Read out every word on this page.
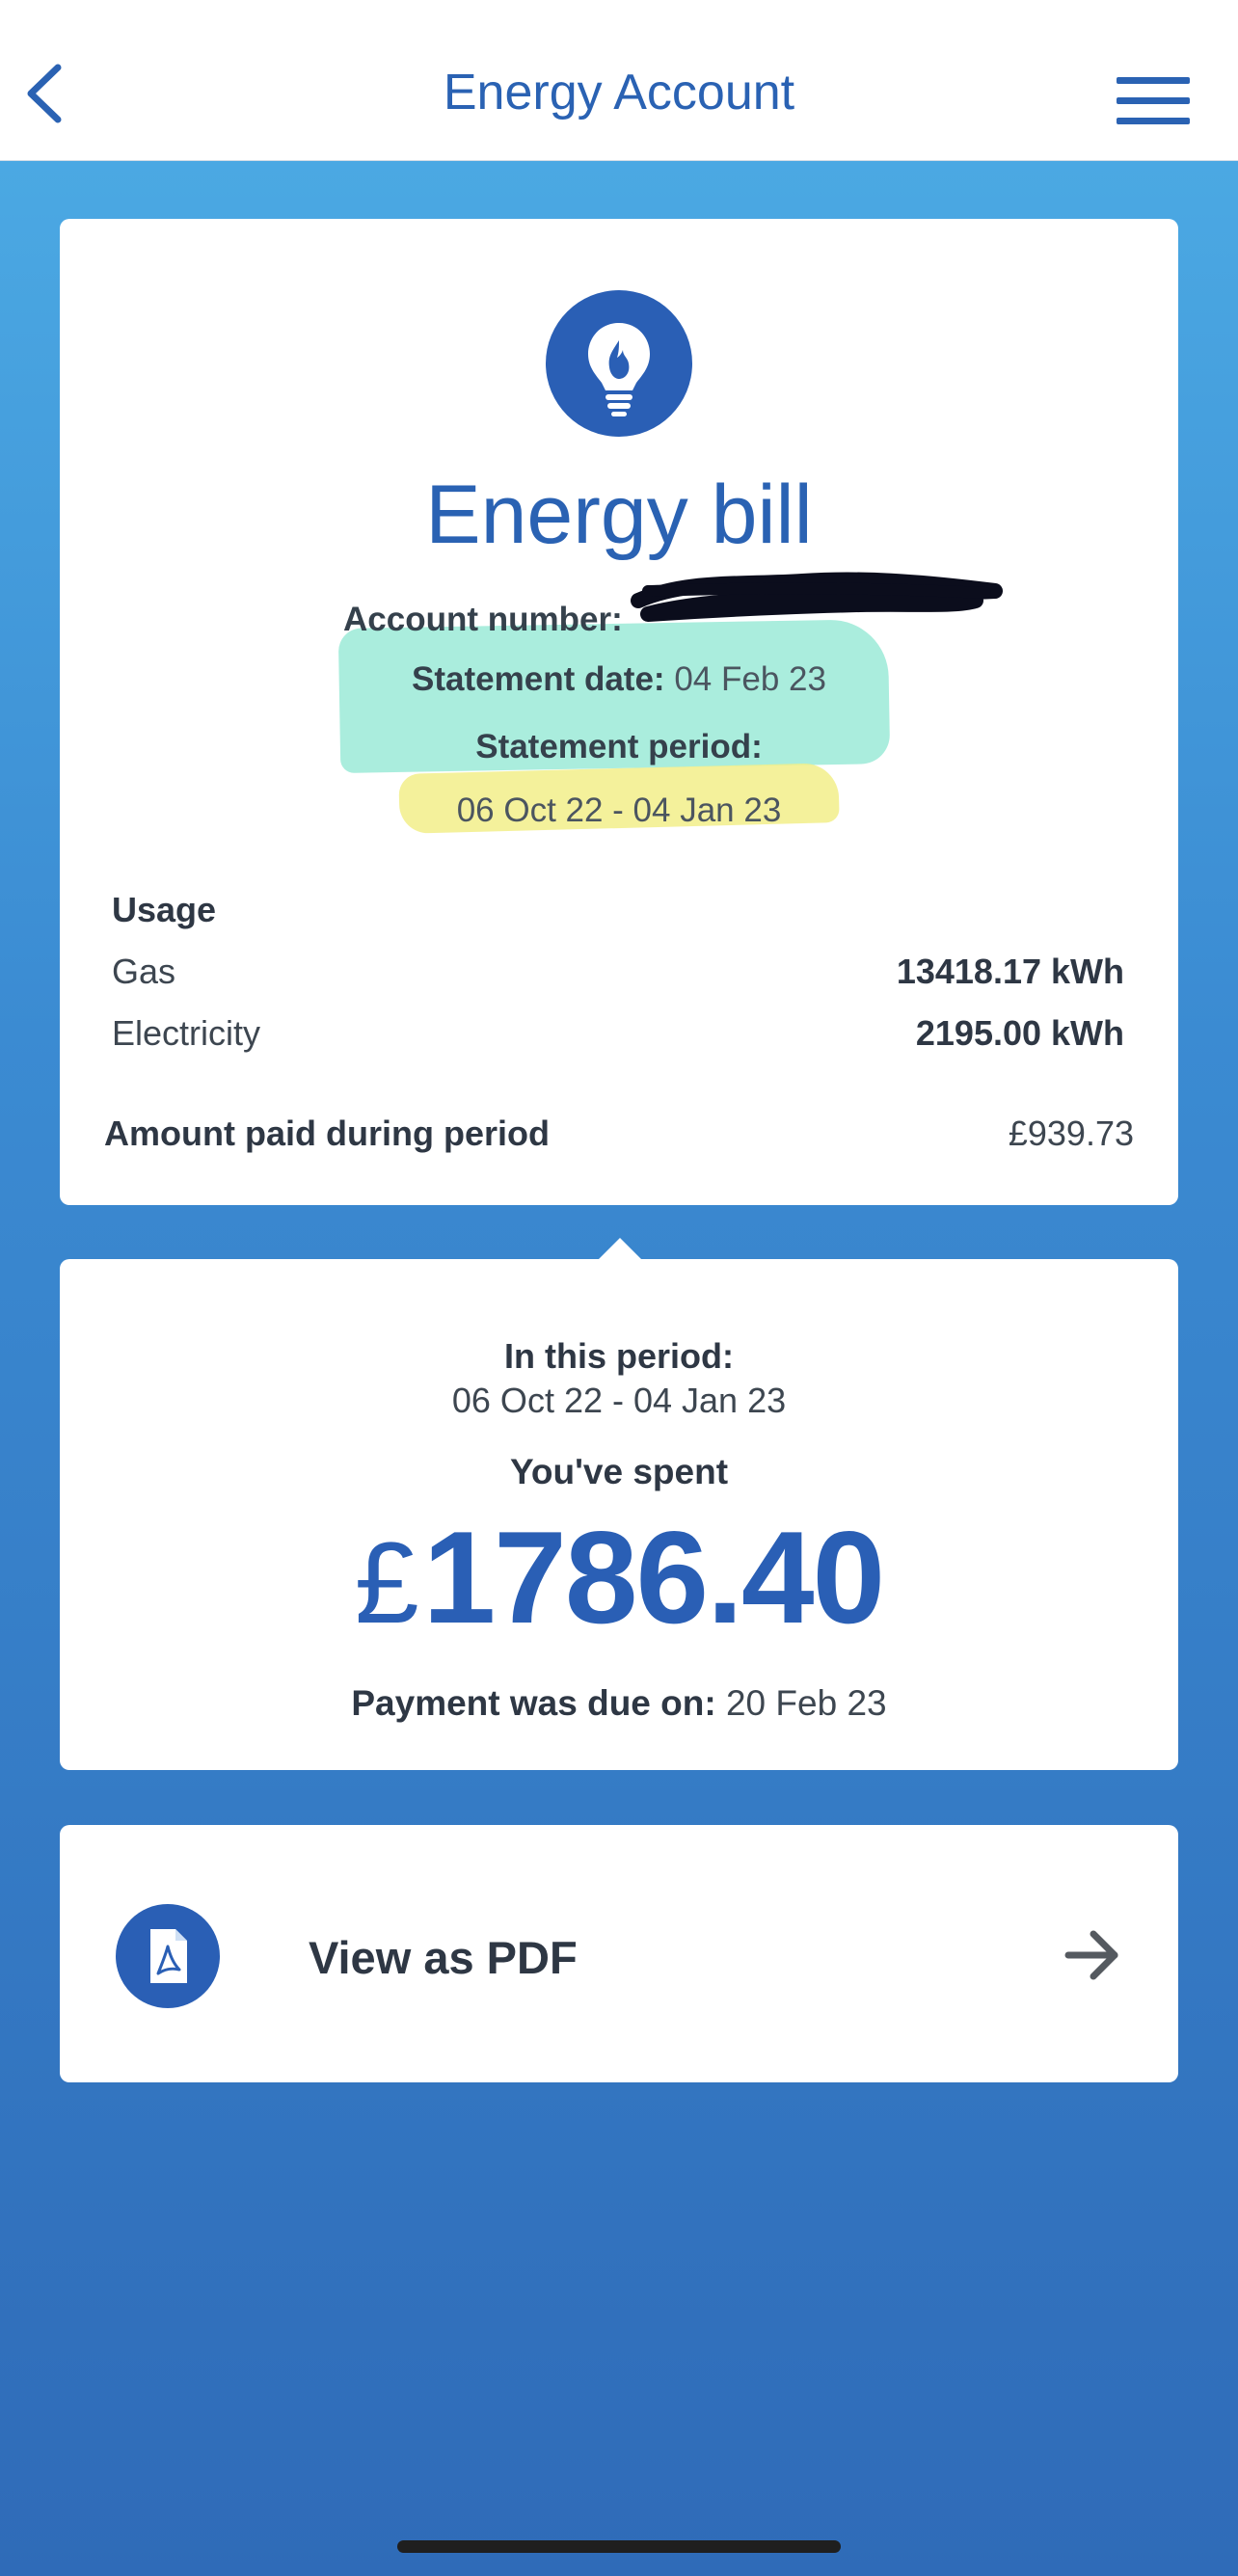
Energy Account
Energy bill
Account number:
Statement date: 04 Feb 23
Statement period:
06 Oct 22 - 04 Jan 23
Usage
Gas	13418.17 kWh
Electricity	2195.00 kWh
Amount paid during period	£939.73
In this period:
06 Oct 22 - 04 Jan 23
You've spent
£1786.40
Payment was due on: 20 Feb 23
View as PDF
